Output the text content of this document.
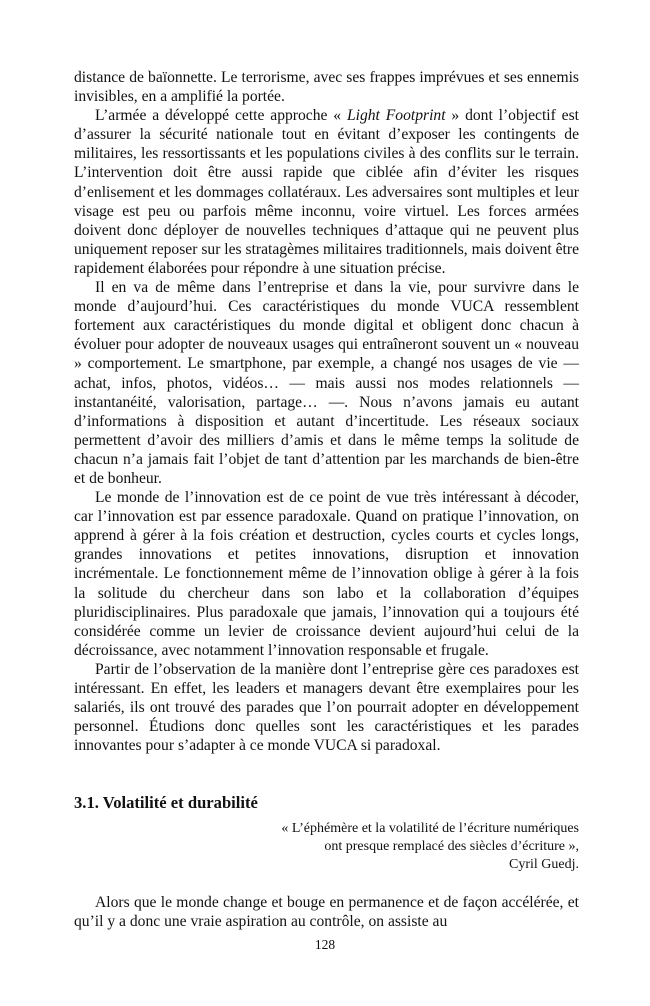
distance de baïonnette. Le terrorisme, avec ses frappes imprévues et ses ennemis invisibles, en a amplifié la portée.

L’armée a développé cette approche « Light Footprint » dont l’objectif est d’assurer la sécurité nationale tout en évitant d’exposer les contingents de militaires, les ressortissants et les populations civiles à des conflits sur le terrain. L’intervention doit être aussi rapide que ciblée afin d’éviter les risques d’enlisement et les dommages collatéraux. Les adversaires sont multiples et leur visage est peu ou parfois même inconnu, voire virtuel. Les forces armées doivent donc déployer de nouvelles techniques d’attaque qui ne peuvent plus uniquement reposer sur les stratagèmes militaires traditionnels, mais doivent être rapidement élaborées pour répondre à une situation précise.

Il en va de même dans l’entreprise et dans la vie, pour survivre dans le monde d’aujourd’hui. Ces caractéristiques du monde VUCA ressemblent fortement aux caractéristiques du monde digital et obligent donc chacun à évoluer pour adopter de nouveaux usages qui entraîneront souvent un « nouveau » comportement. Le smartphone, par exemple, a changé nos usages de vie — achat, infos, photos, vidéos… — mais aussi nos modes relationnels — instantanéité, valorisation, partage… —. Nous n’avons jamais eu autant d’informations à disposition et autant d’incertitude. Les réseaux sociaux permettent d’avoir des milliers d’amis et dans le même temps la solitude de chacun n’a jamais fait l’objet de tant d’attention par les marchands de bien-être et de bonheur.

Le monde de l’innovation est de ce point de vue très intéressant à décoder, car l’innovation est par essence paradoxale. Quand on pratique l’innovation, on apprend à gérer à la fois création et destruction, cycles courts et cycles longs, grandes innovations et petites innovations, disruption et innovation incrémentale. Le fonctionnement même de l’innovation oblige à gérer à la fois la solitude du chercheur dans son labo et la collaboration d’équipes pluridisciplinaires. Plus paradoxale que jamais, l’innovation qui a toujours été considérée comme un levier de croissance devient aujourd’hui celui de la décroissance, avec notamment l’innovation responsable et frugale.

Partir de l’observation de la manière dont l’entreprise gère ces paradoxes est intéressant. En effet, les leaders et managers devant être exemplaires pour les salariés, ils ont trouvé des parades que l’on pourrait adopter en développement personnel. Étudions donc quelles sont les caractéristiques et les parades innovantes pour s’adapter à ce monde VUCA si paradoxal.

3.1. Volatilité et durabilité
« L’éphémère et la volatilité de l’écriture numériques
ont presque remplacé des siècles d’écriture »,
Cyril Guedj.

Alors que le monde change et bouge en permanence et de façon accélérée, et qu’il y a donc une vraie aspiration au contrôle, on assiste au

128
